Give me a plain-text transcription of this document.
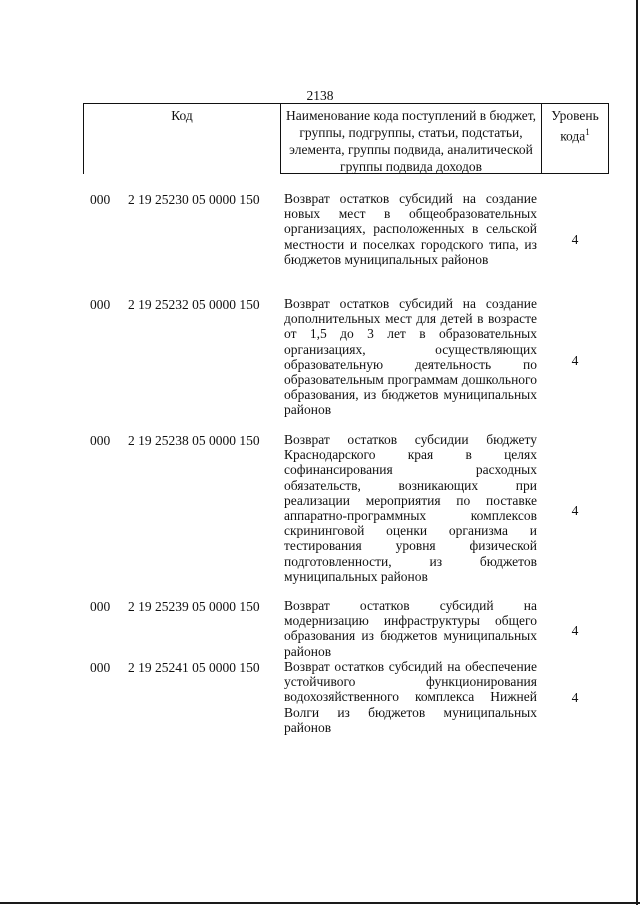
2138
Код	Наименование кода поступлений в бюджет, группы, подгруппы, статьи, подстатьи, элемента, группы подвида, аналитической группы подвида доходов
Уровень кода$^1$
000 2 19 25230 05 0000 150 Возврат остатков субсидий на создание новых мест в общеобразовательных организациях, расположенных в сельской местности и поселках городского типа, из бюджетов муниципальных районов

4
000 2 19 25232 05 0000 150 Возврат остатков субсидий на создание дополнительных мест для детей в возрасте от 1,5 до 3 лет в образовательных организациях, осуществляющих образовательную деятельность по образовательным программам дошкольного образования, из бюджетов муниципальных районов

4
000 2 19 25238 05 0000 150 Возврат остатков субсидии бюджету Краснодарского края в целях софинансирования расходных обязательств, возникающих при реализации мероприятия по поставке аппаратно-программных комплексов скрининговой оценки организма и тестирования уровня физической подготовленности, из бюджетов муниципальных районов

4
000 2 19 25239 05 0000 150 Возврат остатков субсидий на модернизацию инфраструктуры общего образования из бюджетов муниципальных районов

4
000 2 19 25241 05 0000 150 Возврат остатков субсидий на обеспечение устойчивого функционирования водохозяйственного комплекса Нижней Волги из бюджетов муниципальных районов

4
